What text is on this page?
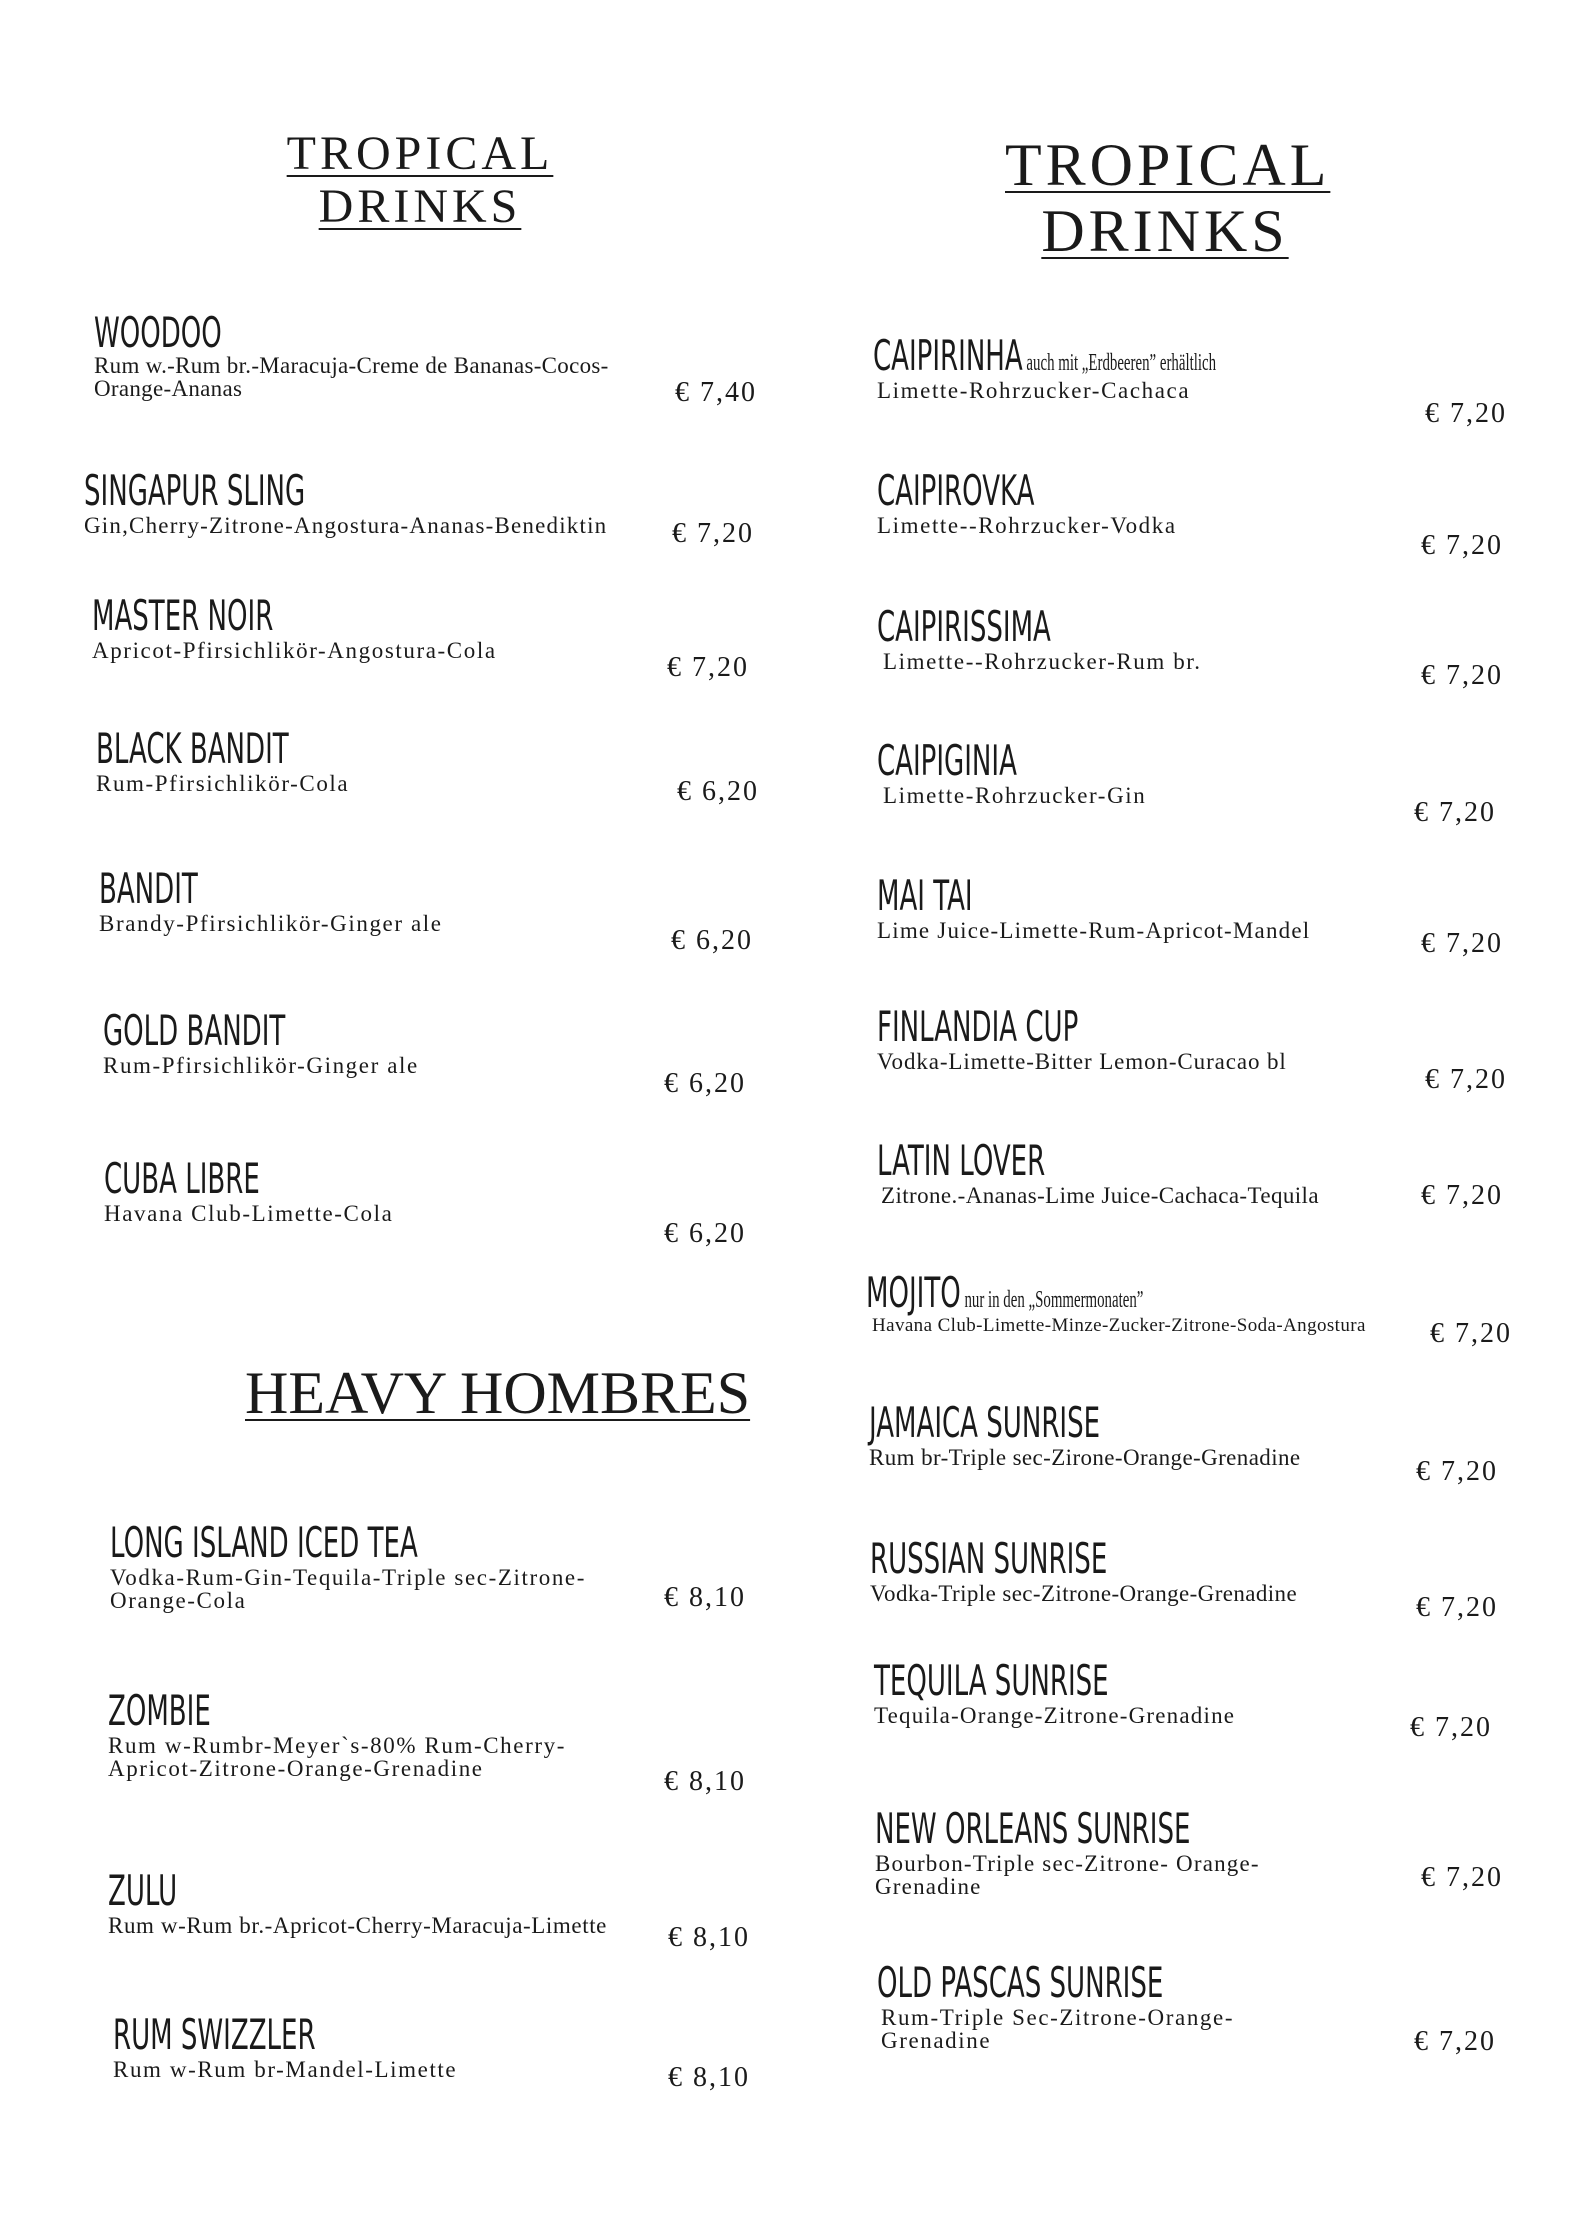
TROPICAL
DRINKS
TROPICAL
DRINKS
HEAVY HOMBRES
WOODOO
Rum w.-Rum br.-Maracuja-Creme de Bananas-Cocos-
Orange-Ananas	€ 7,40
SINGAPUR SLING
Gin,Cherry-Zitrone-Angostura-Ananas-Benediktin € 7,20
MASTER NOIR
Apricot-Pfirsichlikör-Angostura-Cola
€ 7,20
BLACK BANDIT
Rum-Pfirsichlikör-Cola	€ 6,20
BANDIT
Brandy-Pfirsichlikör-Ginger ale
€ 6,20
GOLD BANDIT
Rum-Pfirsichlikör-Ginger ale
€ 6,20
CUBA LIBRE
Havana Club-Limette-Cola
€ 6,20
LONG ISLAND ICED TEA
Vodka-Rum-Gin-Tequila-Triple sec-Zitrone-
Orange-Cola	€ 8,10
ZOMBIE
Rum w-Rumbr-Meyer`s-80% Rum-Cherry-
Apricot-Zitrone-Orange-Grenadine	€ 8,10
ZULU
Rum w-Rum br.-Apricot-Cherry-Maracuja-Limette € 8,10
RUM SWIZZLER
Rum w-Rum br-Mandel-Limette	€ 8,10
CAIPIRINHA auch mit „Erdbeeren” erhältlich
Limette-Rohrzucker-Cachaca
€ 7,20
CAIPIROVKA
Limette--Rohrzucker-Vodka
€ 7,20
CAIPIRISSIMA
Limette--Rohrzucker-Rum br.	€ 7,20
CAIPIGINIA
Limette-Rohrzucker-Gin
€ 7,20
MAI TAI
Lime Juice-Limette-Rum-Apricot-Mandel	€ 7,20
FINLANDIA CUP
Vodka-Limette-Bitter Lemon-Curacao bl
€ 7,20
LATIN LOVER
Zitrone.-Ananas-Lime Juice-Cachaca-Tequila	€ 7,20
MOJITO nur in den „Sommermonaten”
Havana Club-Limette-Minze-Zucker-Zitrone-Soda-Angostura € 7,20
JAMAICA SUNRISE
Rum br-Triple sec-Zirone-Orange-Grenadine	€ 7,20
RUSSIAN SUNRISE
Vodka-Triple sec-Zitrone-Orange-Grenadine	€ 7,20
TEQUILA SUNRISE
Tequila-Orange-Zitrone-Grenadine	€ 7,20
NEW ORLEANS SUNRISE
Bourbon-Triple sec-Zitrone- Orange-
Grenadine	€ 7,20
OLD PASCAS SUNRISE
Rum-Triple Sec-Zitrone-Orange-
Grenadine	€ 7,20
